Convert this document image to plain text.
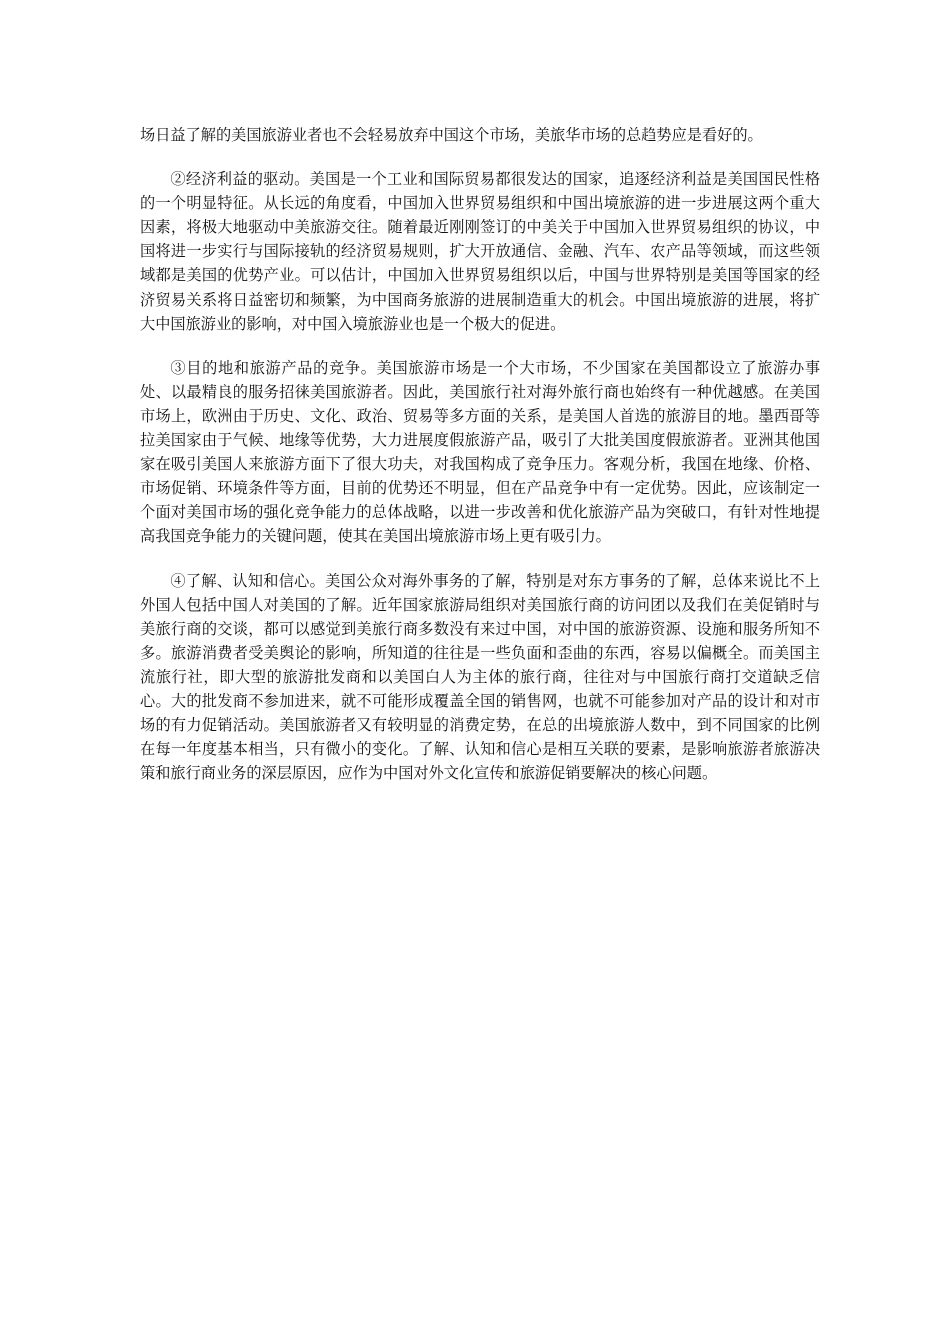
场日益了解的美国旅游业者也不会轻易放弃中国这个市场，美旅华市场的总趋势应是看好的。

②经济利益的驱动。美国是一个工业和国际贸易都很发达的国家，追逐经济利益是美国国民性格的一个明显特征。从长远的角度看，中国加入世界贸易组织和中国出境旅游的进一步进展这两个重大因素，将极大地驱动中美旅游交往。随着最近刚刚签订的中美关于中国加入世界贸易组织的协议，中国将进一步实行与国际接轨的经济贸易规则，扩大开放通信、金融、汽车、农产品等领域，而这些领域都是美国的优势产业。可以估计，中国加入世界贸易组织以后，中国与世界特别是美国等国家的经济贸易关系将日益密切和频繁，为中国商务旅游的进展制造重大的机会。中国出境旅游的进展，将扩大中国旅游业的影响，对中国入境旅游业也是一个极大的促进。

③目的地和旅游产品的竞争。美国旅游市场是一个大市场，不少国家在美国都设立了旅游办事处、以最精良的服务招徕美国旅游者。因此，美国旅行社对海外旅行商也始终有一种优越感。在美国市场上，欧洲由于历史、文化、政治、贸易等多方面的关系，是美国人首选的旅游目的地。墨西哥等拉美国家由于气候、地缘等优势，大力进展度假旅游产品，吸引了大批美国度假旅游者。亚洲其他国家在吸引美国人来旅游方面下了很大功夫，对我国构成了竞争压力。客观分析，我国在地缘、价格、市场促销、环境条件等方面，目前的优势还不明显，但在产品竞争中有一定优势。因此，应该制定一个面对美国市场的强化竞争能力的总体战略，以进一步改善和优化旅游产品为突破口，有针对性地提高我国竞争能力的关键问题，使其在美国出境旅游市场上更有吸引力。

④了解、认知和信心。美国公众对海外事务的了解，特别是对东方事务的了解，总体来说比不上外国人包括中国人对美国的了解。近年国家旅游局组织对美国旅行商的访问团以及我们在美促销时与美旅行商的交谈，都可以感觉到美旅行商多数没有来过中国，对中国的旅游资源、设施和服务所知不多。旅游消费者受美舆论的影响，所知道的往往是一些负面和歪曲的东西，容易以偏概全。而美国主流旅行社，即大型的旅游批发商和以美国白人为主体的旅行商，往往对与中国旅行商打交道缺乏信心。大的批发商不参加进来，就不可能形成覆盖全国的销售网，也就不可能参加对产品的设计和对市场的有力促销活动。美国旅游者又有较明显的消费定势，在总的出境旅游人数中，到不同国家的比例在每一年度基本相当，只有微小的变化。了解、认知和信心是相互关联的要素，是影响旅游者旅游决策和旅行商业务的深层原因，应作为中国对外文化宣传和旅游促销要解决的核心问题。
